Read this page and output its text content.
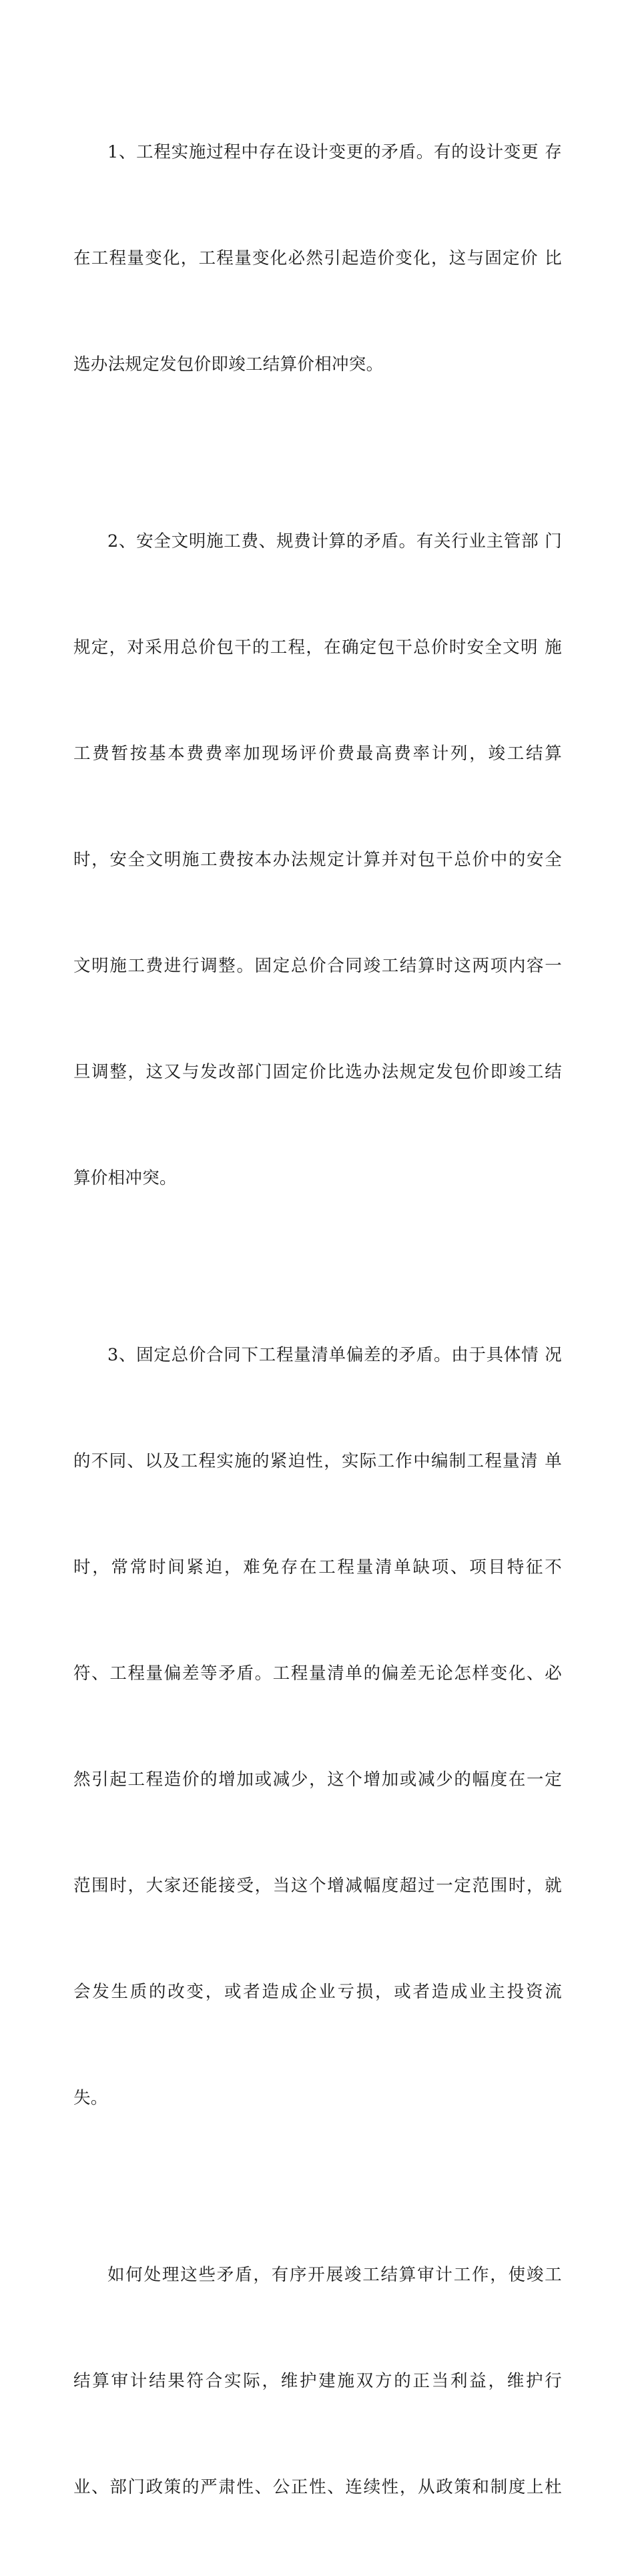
1、工程实施过程中存在设计变更的矛盾。有的设计变更 存

在工程量变化，工程量变化必然引起造价变化，这与固定价 比

选办法规定发包价即竣工结算价相冲突。

2、安全文明施工费、规费计算的矛盾。有关行业主管部 门

规定，对采用总价包干的工程，在确定包干总价时安全文明 施

工费暂按基本费费率加现场评价费最高费率计列，竣工结算

时，安全文明施工费按本办法规定计算并对包干总价中的安全

文明施工费进行调整。固定总价合同竣工结算时这两项内容一

旦调整，这又与发改部门固定价比选办法规定发包价即竣工结

算价相冲突。

3、固定总价合同下工程量清单偏差的矛盾。由于具体情 况

的不同、以及工程实施的紧迫性，实际工作中编制工程量清 单

时，常常时间紧迫，难免存在工程量清单缺项、项目特征不

符、工程量偏差等矛盾。工程量清单的偏差无论怎样变化、必

然引起工程造价的增加或减少，这个增加或减少的幅度在一定

范围时，大家还能接受，当这个增减幅度超过一定范围时，就

会发生质的改变，或者造成企业亏损，或者造成业主投资流

失。

如何处理这些矛盾，有序开展竣工结算审计工作，使竣工

结算审计结果符合实际，维护建施双方的正当利益，维护行

业、部门政策的严肃性、公正性、连续性，从政策和制度上杜
